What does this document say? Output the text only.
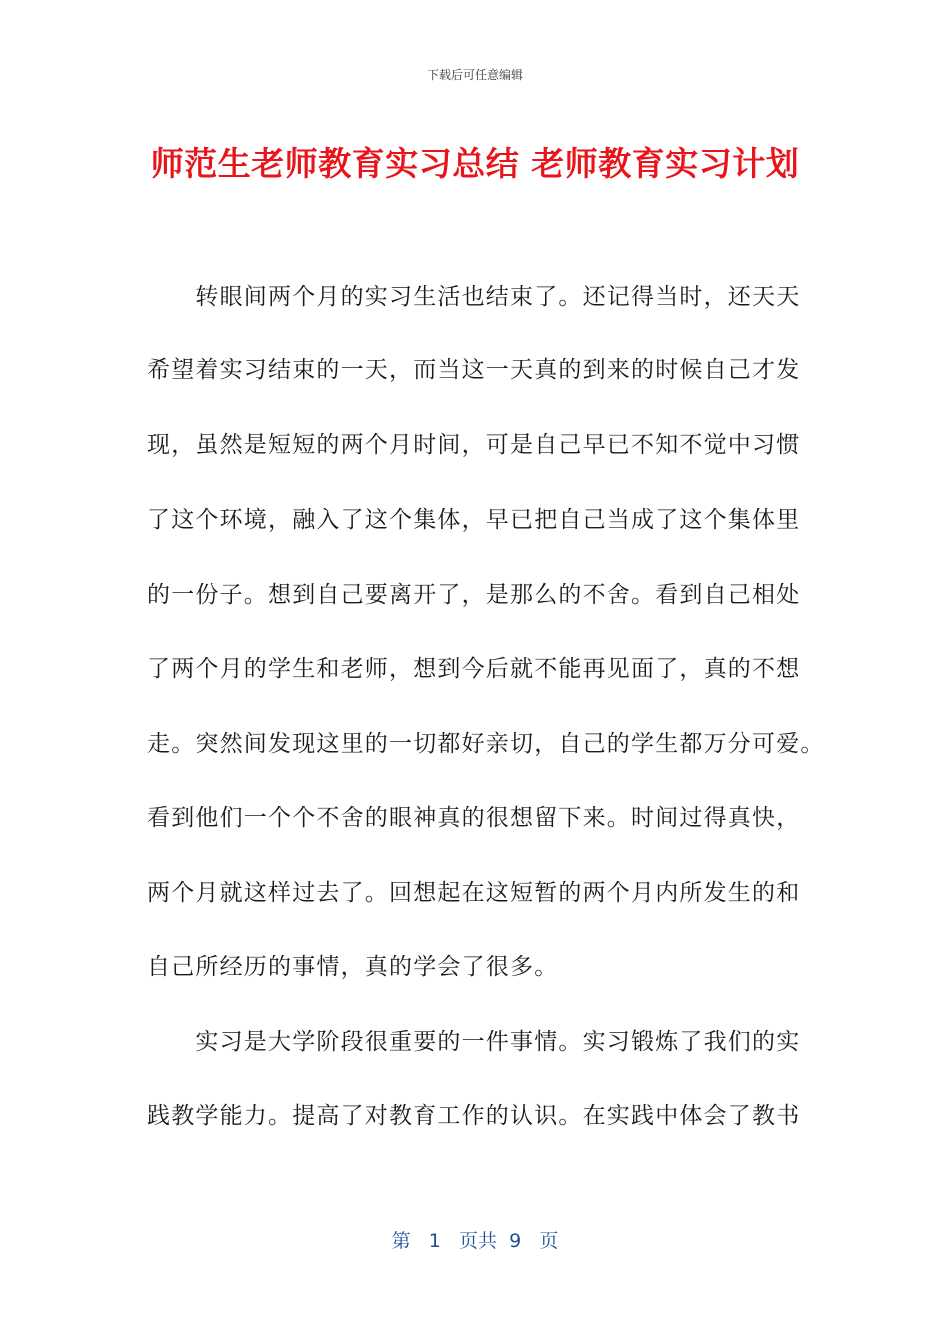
下载后可任意编辑
师范生老师教育实习总结 老师教育实习计划
　　转眼间两个月的实习生活也结束了。还记得当时，还天天
希望着实习结束的一天，而当这一天真的到来的时候自己才发
现，虽然是短短的两个月时间，可是自己早已不知不觉中习惯
了这个环境，融入了这个集体，早已把自己当成了这个集体里
的一份子。想到自己要离开了，是那么的不舍。看到自己相处
了两个月的学生和老师，想到今后就不能再见面了，真的不想
走。突然间发现这里的一切都好亲切，自己的学生都万分可爱。
看到他们一个个不舍的眼神真的很想留下来。时间过得真快，
两个月就这样过去了。回想起在这短暂的两个月内所发生的和
自己所经历的事情，真的学会了很多。
　　实习是大学阶段很重要的一件事情。实习锻炼了我们的实
践教学能力。提高了对教育工作的认识。在实践中体会了教书
第 1 页共 9 页
